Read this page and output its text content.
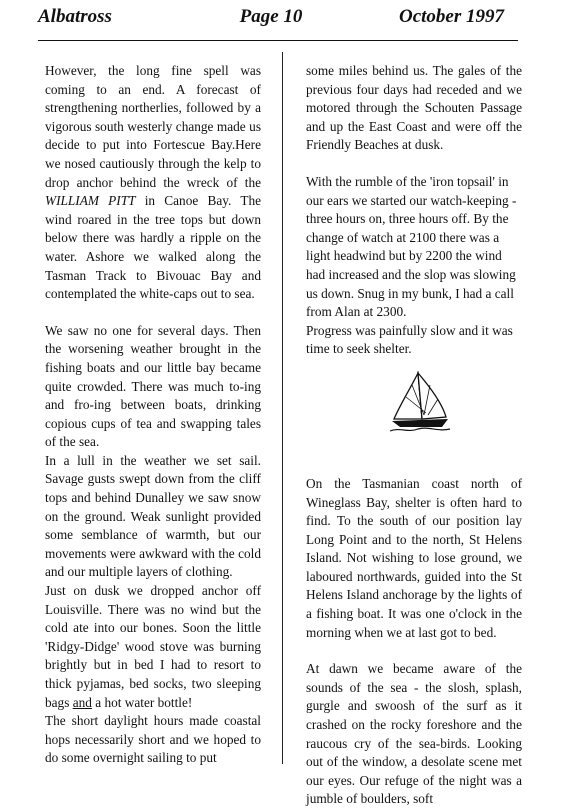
Albatross	Page 10	October 1997

However, the long fine spell was coming to an end. A forecast of strengthening northerlies, followed by a vigorous south westerly change made us decide to put into Fortescue Bay.Here we nosed cautiously through the kelp to drop anchor behind the wreck of the WILLIAM PITT in Canoe Bay. The wind roared in the tree tops but down below there was hardly a ripple on the water. Ashore we walked along the Tasman Track to Bivouac Bay and contemplated the white-caps out to sea.

We saw no one for several days. Then the worsening weather brought in the fishing boats and our little bay became quite crowded. There was much to-ing and fro-ing between boats, drinking copious cups of tea and swapping tales of the sea.

In a lull in the weather we set sail. Savage gusts swept down from the cliff tops and behind Dunalley we saw snow on the ground. Weak sunlight provided some semblance of warmth, but our movements were awkward with the cold and our multiple layers of clothing.

Just on dusk we dropped anchor off Louisville. There was no wind but the cold ate into our bones. Soon the little 'Ridgy-Didge' wood stove was burning brightly but in bed I had to resort to thick pyjamas, bed socks, two sleeping bags and a hot water bottle!

The short daylight hours made coastal hops necessarily short and we hoped to do some overnight sailing to put

some miles behind us. The gales of the previous four days had receded and we motored through the Schouten Passage and up the East Coast and were off the Friendly Beaches at dusk.

With the rumble of the 'iron topsail' in our ears we started our watch-keeping - three hours on, three hours off. By the change of watch at 2100 there was a light headwind but by 2200 the wind had increased and the slop was slowing us down. Snug in my bunk, I had a call from Alan at 2300.

Progress was painfully slow and it was time to seek shelter.

On the Tasmanian coast north of Wineglass Bay, shelter is often hard to find. To the south of our position lay Long Point and to the north, St Helens Island. Not wishing to lose ground, we laboured northwards, guided into the St Helens Island anchorage by the lights of a fishing boat. It was one o'clock in the morning when we at last got to bed.

At dawn we became aware of the sounds of the sea - the slosh, splash, gurgle and swoosh of the surf as it crashed on the rocky foreshore and the raucous cry of the sea-birds. Looking out of the window, a desolate scene met our eyes. Our refuge of the night was a jumble of boulders, soft
